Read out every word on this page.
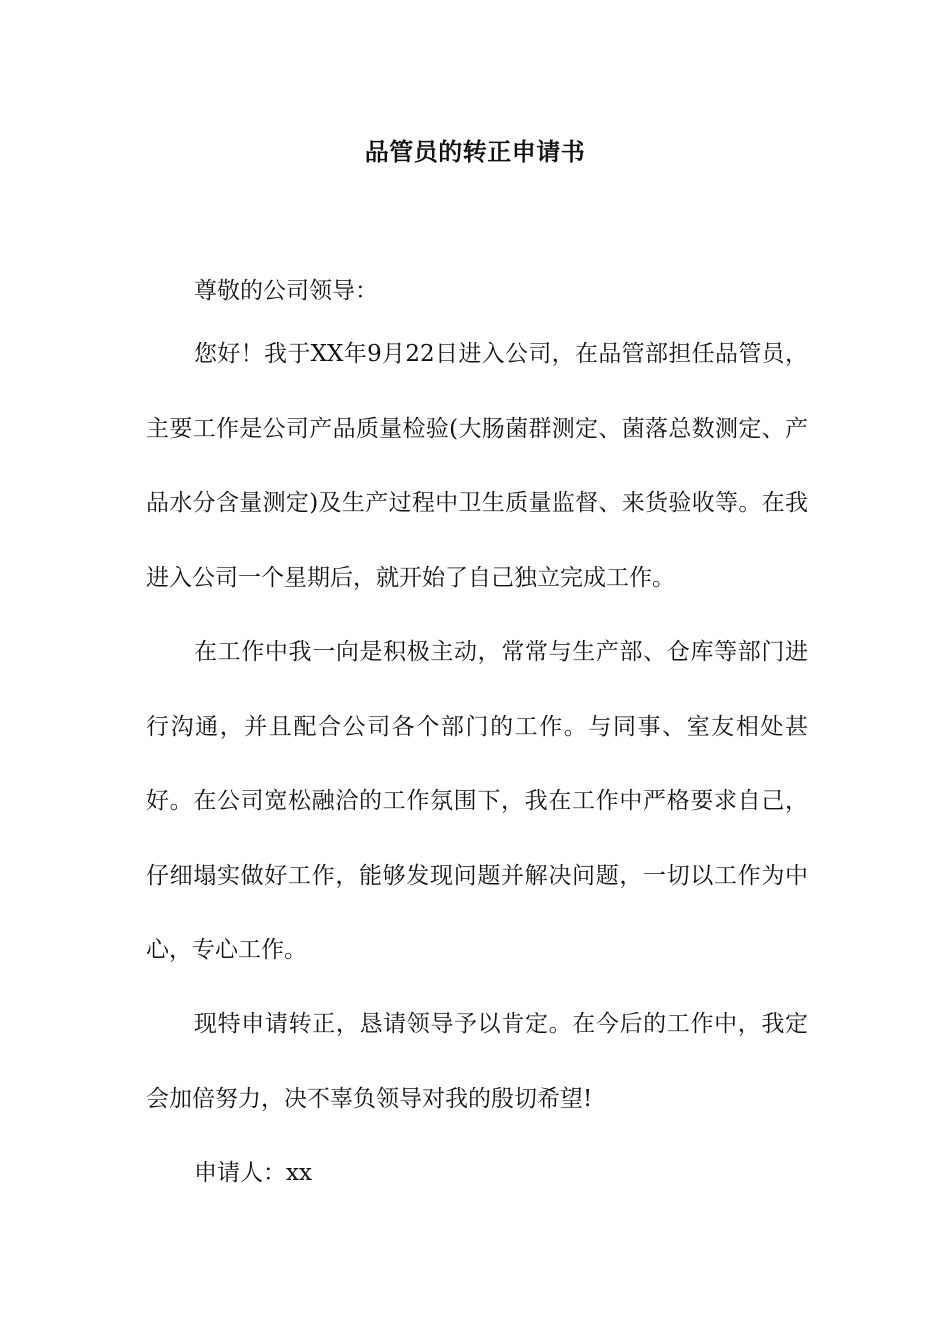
品管员的转正申请书

尊敬的公司领导：

您好！我于XX年9月22日进入公司，在品管部担任品管员，主要工作是公司产品质量检验(大肠菌群测定、菌落总数测定、产品水分含量测定)及生产过程中卫生质量监督、来货验收等。在我进入公司一个星期后，就开始了自己独立完成工作。

在工作中我一向是积极主动，常常与生产部、仓库等部门进行沟通，并且配合公司各个部门的工作。与同事、室友相处甚好。在公司宽松融洽的工作氛围下，我在工作中严格要求自己，仔细塌实做好工作，能够发现问题并解决问题，一切以工作为中心，专心工作。

现特申请转正，恳请领导予以肯定。在今后的工作中，我定会加倍努力，决不辜负领导对我的殷切希望!

申请人：xx
